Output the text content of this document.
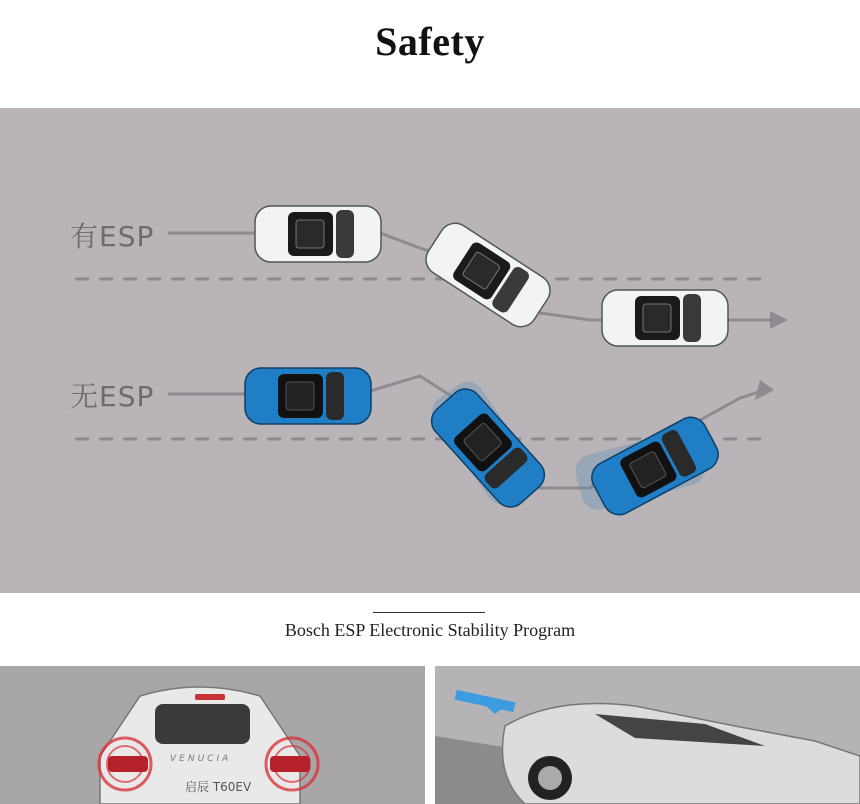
Safety
有ESP
无ESP
Bosch ESP Electronic Stability Program
启辰 T60EV
VENUCIA
